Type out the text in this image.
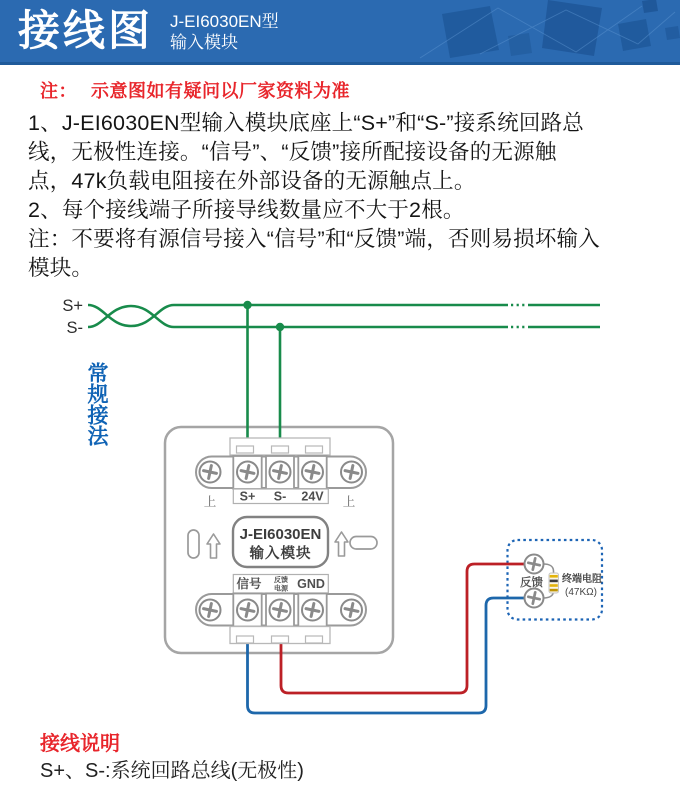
接线图 J-EI6030EN型
输入模块
注： 示意图如有疑问以厂家资料为准
1、J-EI6030EN型输入模块底座上“S+”和“S-”接系统回路总
线，无极性连接。“信号”、“反馈”接所配接设备的无源触
点，47k负载电阻接在外部设备的无源触点上。
2、每个接线端子所接导线数量应不大于2根。
注：不要将有源信号接入“信号”和“反馈”端，否则易损坏输入
模块。
S+
S-
上 S+ S- 24V 上
J-EI6030EN
输入模块
信号 反馈
电源 GND	反馈 终端电阻
(47KΩ)
常规接法
接线说明
S+、S-:系统回路总线(无极性)
